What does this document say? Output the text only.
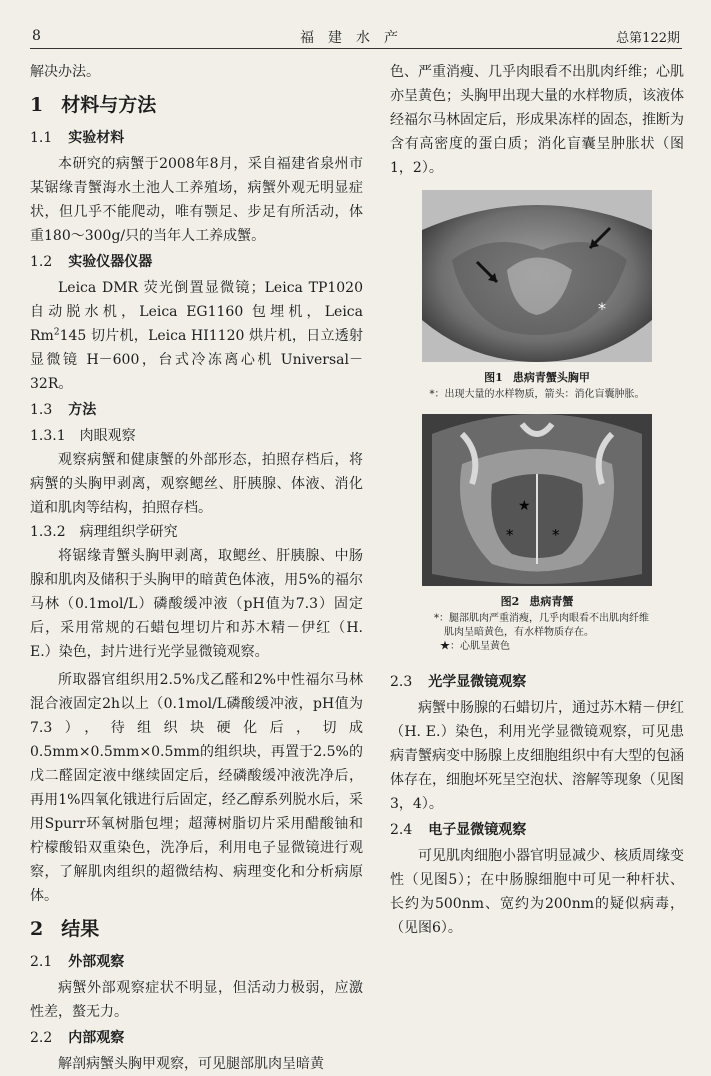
8	福建水产	总第122期

解决办法。

1 材料与方法
1.1 实验材料

本研究的病蟹于2008年8月，采自福建省泉州市某锯缘青蟹海水土池人工养殖场，病蟹外观无明显症状，但几乎不能爬动，唯有颚足、步足有所活动，体重180～300g/只的当年人工养成蟹。

1.2 实验仪器仪器

Leica DMR 荧光倒置显微镜；Leica TP1020 自动脱水机，Leica EG1160 包埋机，Leica Rm$^2$145 切片机，Leica HI1120 烘片机，日立透射显微镜 H－600，台式冷冻离心机 Universal－32R。

1.3 方法
1.3.1 肉眼观察

观察病蟹和健康蟹的外部形态，拍照存档后，将病蟹的头胸甲剥离，观察鳃丝、肝胰腺、体液、消化道和肌肉等结构，拍照存档。

1.3.2 病理组织学研究

将锯缘青蟹头胸甲剥离，取鳃丝、肝胰腺、中肠腺和肌肉及储积于头胸甲的暗黄色体液，用5%的福尔马林（0.1mol/L）磷酸缓冲液（pH值为7.3）固定后，采用常规的石蜡包埋切片和苏木精－伊红（H. E.）染色，封片进行光学显微镜观察。

所取器官组织用2.5%戊乙醛和2%中性福尔马林混合液固定2h以上（0.1mol/L磷酸缓冲液，pH值为7.3），待组织块硬化后，切成0.5mm×0.5mm×0.5mm的组织块，再置于2.5%的戊二醛固定液中继续固定后，经磷酸缓冲液洗净后，再用1%四氧化锇进行后固定，经乙醇系列脱水后，采用Spurr环氧树脂包埋；超薄树脂切片采用醋酸铀和柠檬酸铅双重染色，洗净后，利用电子显微镜进行观察，了解肌肉组织的超微结构、病理变化和分析病原体。

2 结果
2.1 外部观察

病蟹外部观察症状不明显，但活动力极弱，应激性差，螯无力。

2.2 内部观察

解剖病蟹头胸甲观察，可见腿部肌肉呈暗黄

色、严重消瘦、几乎肉眼看不出肌肉纤维；心肌亦呈黄色；头胸甲出现大量的水样物质，该液体经福尔马林固定后，形成果冻样的固态，推断为含有高密度的蛋白质；消化盲囊呈肿胀状（图1，2）。

*
图1 患病青蟹头胸甲
*：出现大量的水样物质，箭头：消化盲囊肿胀。
★
*	*
图2 患病青蟹
*：腿部肌肉严重消瘦，几乎肉眼看不出肌肉纤维
肌肉呈暗黄色，有水样物质存在。
★：心肌呈黄色
2.3 光学显微镜观察

病蟹中肠腺的石蜡切片，通过苏木精－伊红（H. E.）染色，利用光学显微镜观察，可见患病青蟹病变中肠腺上皮细胞组织中有大型的包涵体存在，细胞坏死呈空泡状、溶解等现象（见图3，4）。

2.4 电子显微镜观察

可见肌肉细胞小器官明显减少、核质周缘变性（见图5）；在中肠腺细胞中可见一种杆状、长约为500nm、宽约为200nm的疑似病毒，（见图6）。
